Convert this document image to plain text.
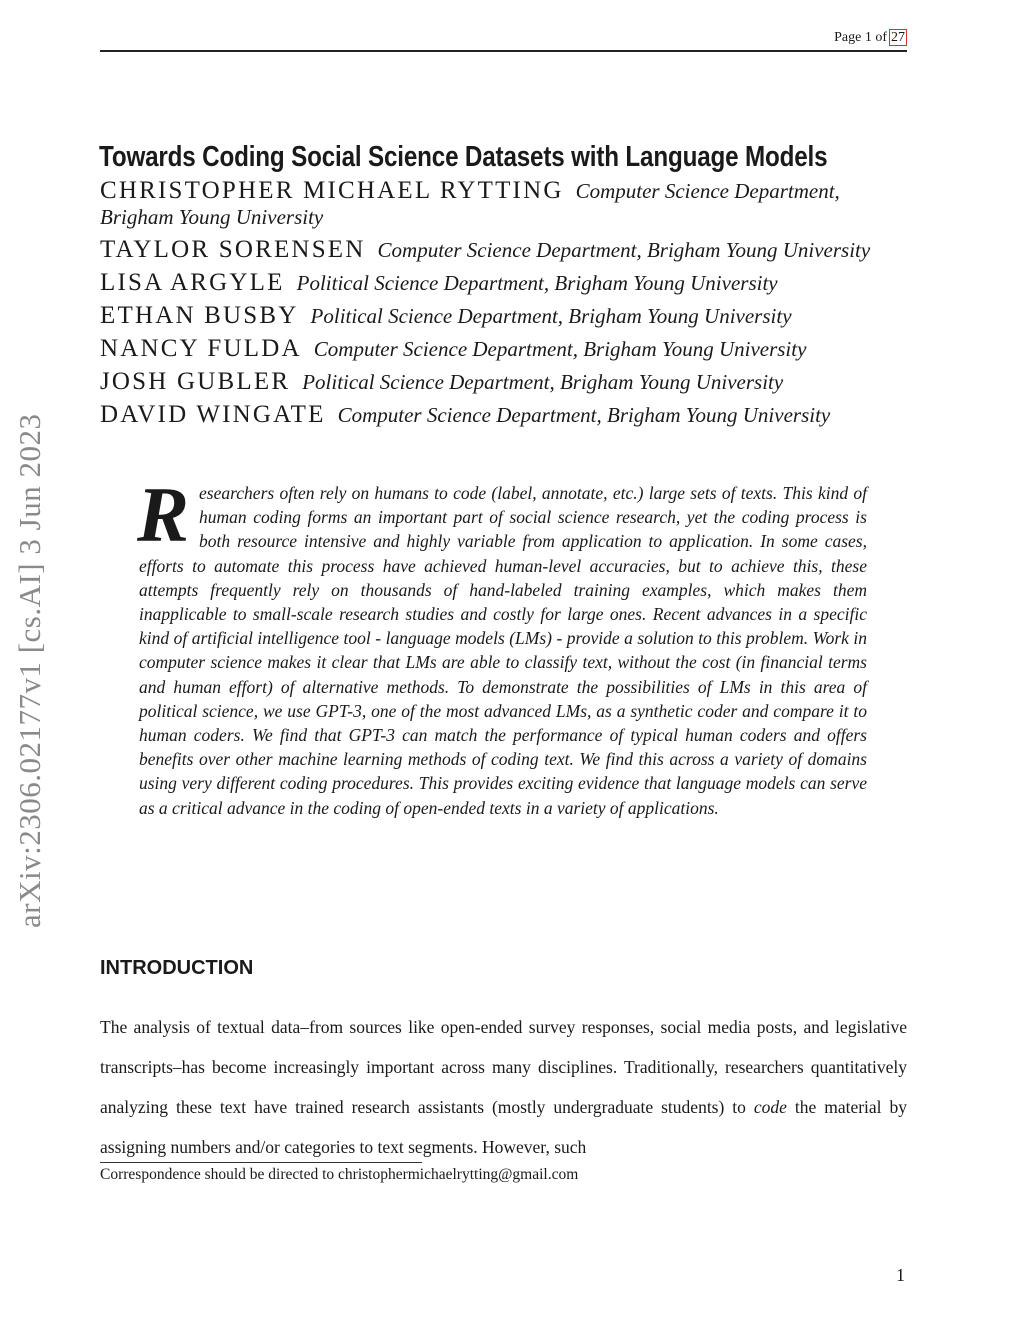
Page 1 of 27
arXiv:2306.02177v1 [cs.AI] 3 Jun 2023
Towards Coding Social Science Datasets with Language Models
CHRISTOPHER MICHAEL RYTTING Computer Science Department, Brigham Young University
TAYLOR SORENSEN Computer Science Department, Brigham Young University
LISA ARGYLE Political Science Department, Brigham Young University
ETHAN BUSBY Political Science Department, Brigham Young University
NANCY FULDA Computer Science Department, Brigham Young University
JOSH GUBLER Political Science Department, Brigham Young University
DAVID WINGATE Computer Science Department, Brigham Young University
Researchers often rely on humans to code (label, annotate, etc.) large sets of texts. This kind of human coding forms an important part of social science research, yet the coding process is both resource intensive and highly variable from application to application. In some cases, efforts to automate this process have achieved human-level accuracies, but to achieve this, these attempts frequently rely on thousands of hand-labeled training examples, which makes them inapplicable to small-scale research studies and costly for large ones. Recent advances in a specific kind of artificial intelligence tool - language models (LMs) - provide a solution to this problem. Work in computer science makes it clear that LMs are able to classify text, without the cost (in financial terms and human effort) of alternative methods. To demonstrate the possibilities of LMs in this area of political science, we use GPT-3, one of the most advanced LMs, as a synthetic coder and compare it to human coders. We find that GPT-3 can match the performance of typical human coders and offers benefits over other machine learning methods of coding text. We find this across a variety of domains using very different coding procedures. This provides exciting evidence that language models can serve as a critical advance in the coding of open-ended texts in a variety of applications.
INTRODUCTION
The analysis of textual data–from sources like open-ended survey responses, social media posts, and legislative transcripts–has become increasingly important across many disciplines. Traditionally, researchers quantitatively analyzing these text have trained research assistants (mostly undergraduate students) to code the material by assigning numbers and/or categories to text segments. However, such
Correspondence should be directed to christophermichaelrytting@gmail.com
1
